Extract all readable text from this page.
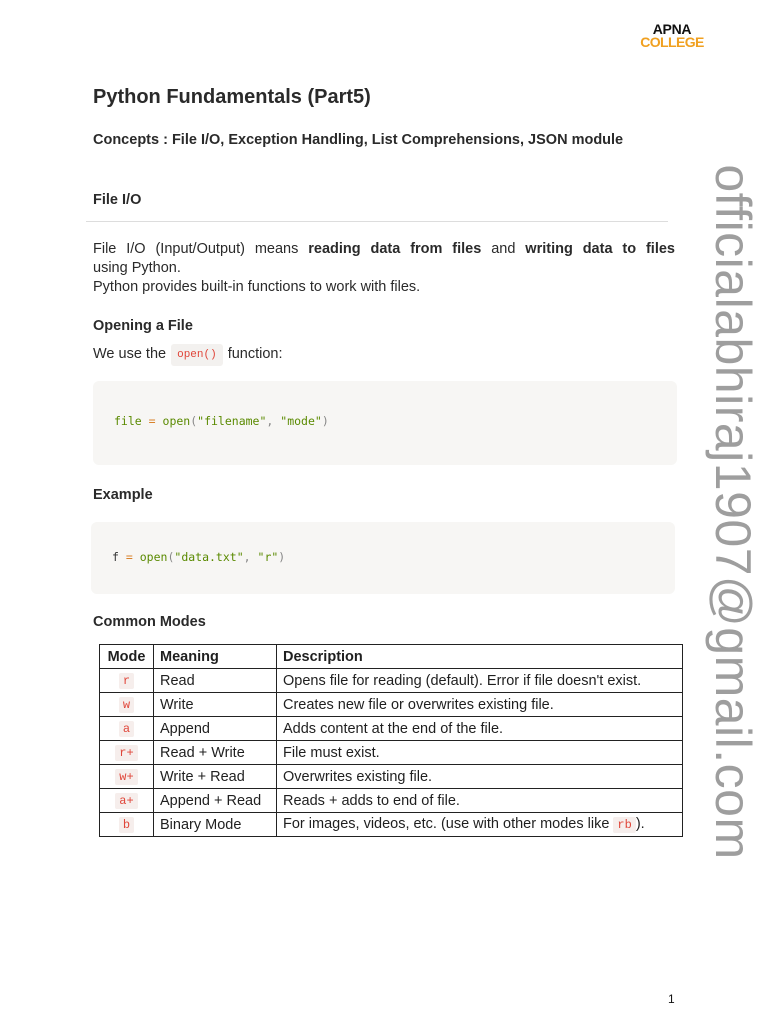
APNA
COLLEGE
officialabhiraj1907@gmail.com
Python Fundamentals (Part5)
Concepts : File I/O, Exception Handling, List Comprehensions, JSON module
File I/O
File I/O (Input/Output) means reading data from files and writing data to files
using Python.
Python provides built-in functions to work with files.
Opening a File
We use the open() function:
file = open("filename", "mode")
Example
f = open("data.txt", "r")
Common Modes
Mode	Meaning	Description
r	Read	Opens file for reading (default). Error if file doesn't exist.
w	Write	Creates new file or overwrites existing file.
a	Append	Adds content at the end of the file.
r+	Read + Write	File must exist.
w+	Write + Read	Overwrites existing file.
a+	Append + Read	Reads + adds to end of file.
b	Binary Mode	For images, videos, etc. (use with other modes like rb ).
1
